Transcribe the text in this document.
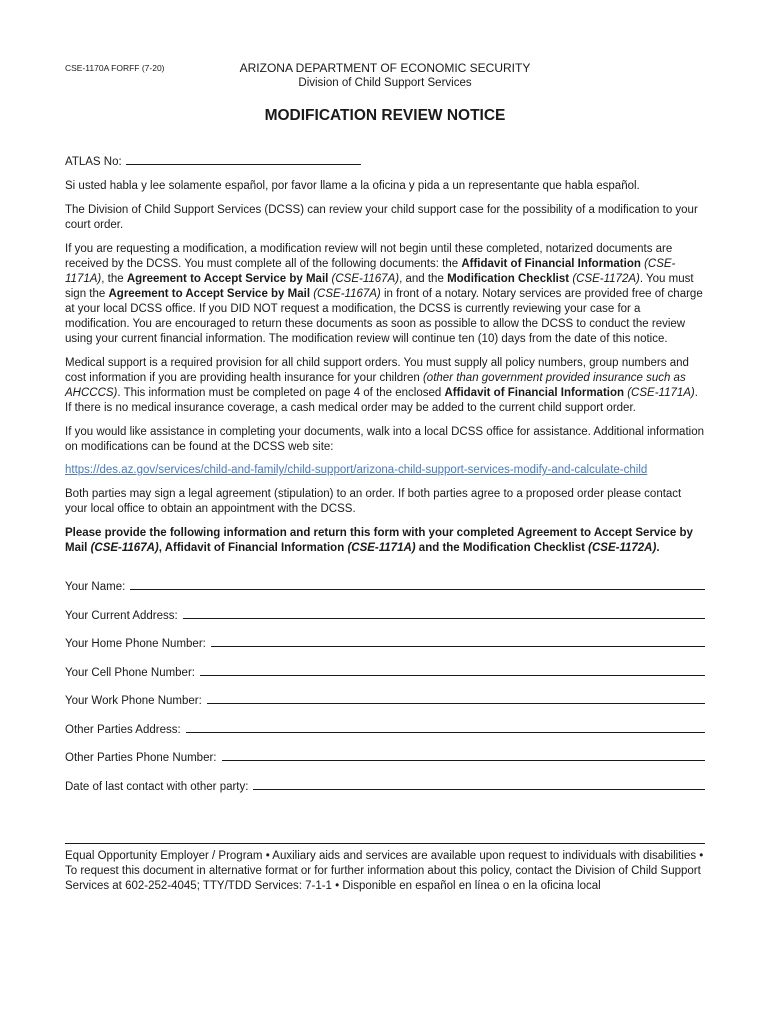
CSE-1170A FORFF (7-20)	ARIZONA DEPARTMENT OF ECONOMIC SECURITY
Division of Child Support Services
MODIFICATION REVIEW NOTICE
ATLAS No:

Si usted habla y lee solamente español, por favor llame a la oficina y pida a un representante que habla español.

The Division of Child Support Services (DCSS) can review your child support case for the possibility of a modification to your court order.

If you are requesting a modification, a modification review will not begin until these completed, notarized documents are received by the DCSS. You must complete all of the following documents: the Affidavit of Financial Information (CSE-1171A), the Agreement to Accept Service by Mail (CSE-1167A), and the Modification Checklist (CSE-1172A). You must sign the Agreement to Accept Service by Mail (CSE-1167A) in front of a notary. Notary services are provided free of charge at your local DCSS office. If you DID NOT request a modification, the DCSS is currently reviewing your case for a modification. You are encouraged to return these documents as soon as possible to allow the DCSS to conduct the review using your current financial information. The modification review will continue ten (10) days from the date of this notice.

Medical support is a required provision for all child support orders. You must supply all policy numbers, group numbers and cost information if you are providing health insurance for your children (other than government provided insurance such as AHCCCS). This information must be completed on page 4 of the enclosed Affidavit of Financial Information (CSE-1171A). If there is no medical insurance coverage, a cash medical order may be added to the current child support order.

If you would like assistance in completing your documents, walk into a local DCSS office for assistance. Additional information on modifications can be found at the DCSS web site:

https://des.az.gov/services/child-and-family/child-support/arizona-child-support-services-modify-and-calculate-child

Both parties may sign a legal agreement (stipulation) to an order. If both parties agree to a proposed order please contact your local office to obtain an appointment with the DCSS.

Please provide the following information and return this form with your completed Agreement to Accept Service by Mail (CSE-1167A), Affidavit of Financial Information (CSE-1171A) and the Modification Checklist (CSE-1172A).

Your Name:
Your Current Address:
Your Home Phone Number:
Your Cell Phone Number:
Your Work Phone Number:
Other Parties Address:
Other Parties Phone Number:
Date of last contact with other party:
Equal Opportunity Employer / Program • Auxiliary aids and services are available upon request to individuals with disabilities • To request this document in alternative format or for further information about this policy, contact the Division of Child Support Services at 602-252-4045; TTY/TDD Services: 7-1-1 • Disponible en español en línea o en la oficina local
